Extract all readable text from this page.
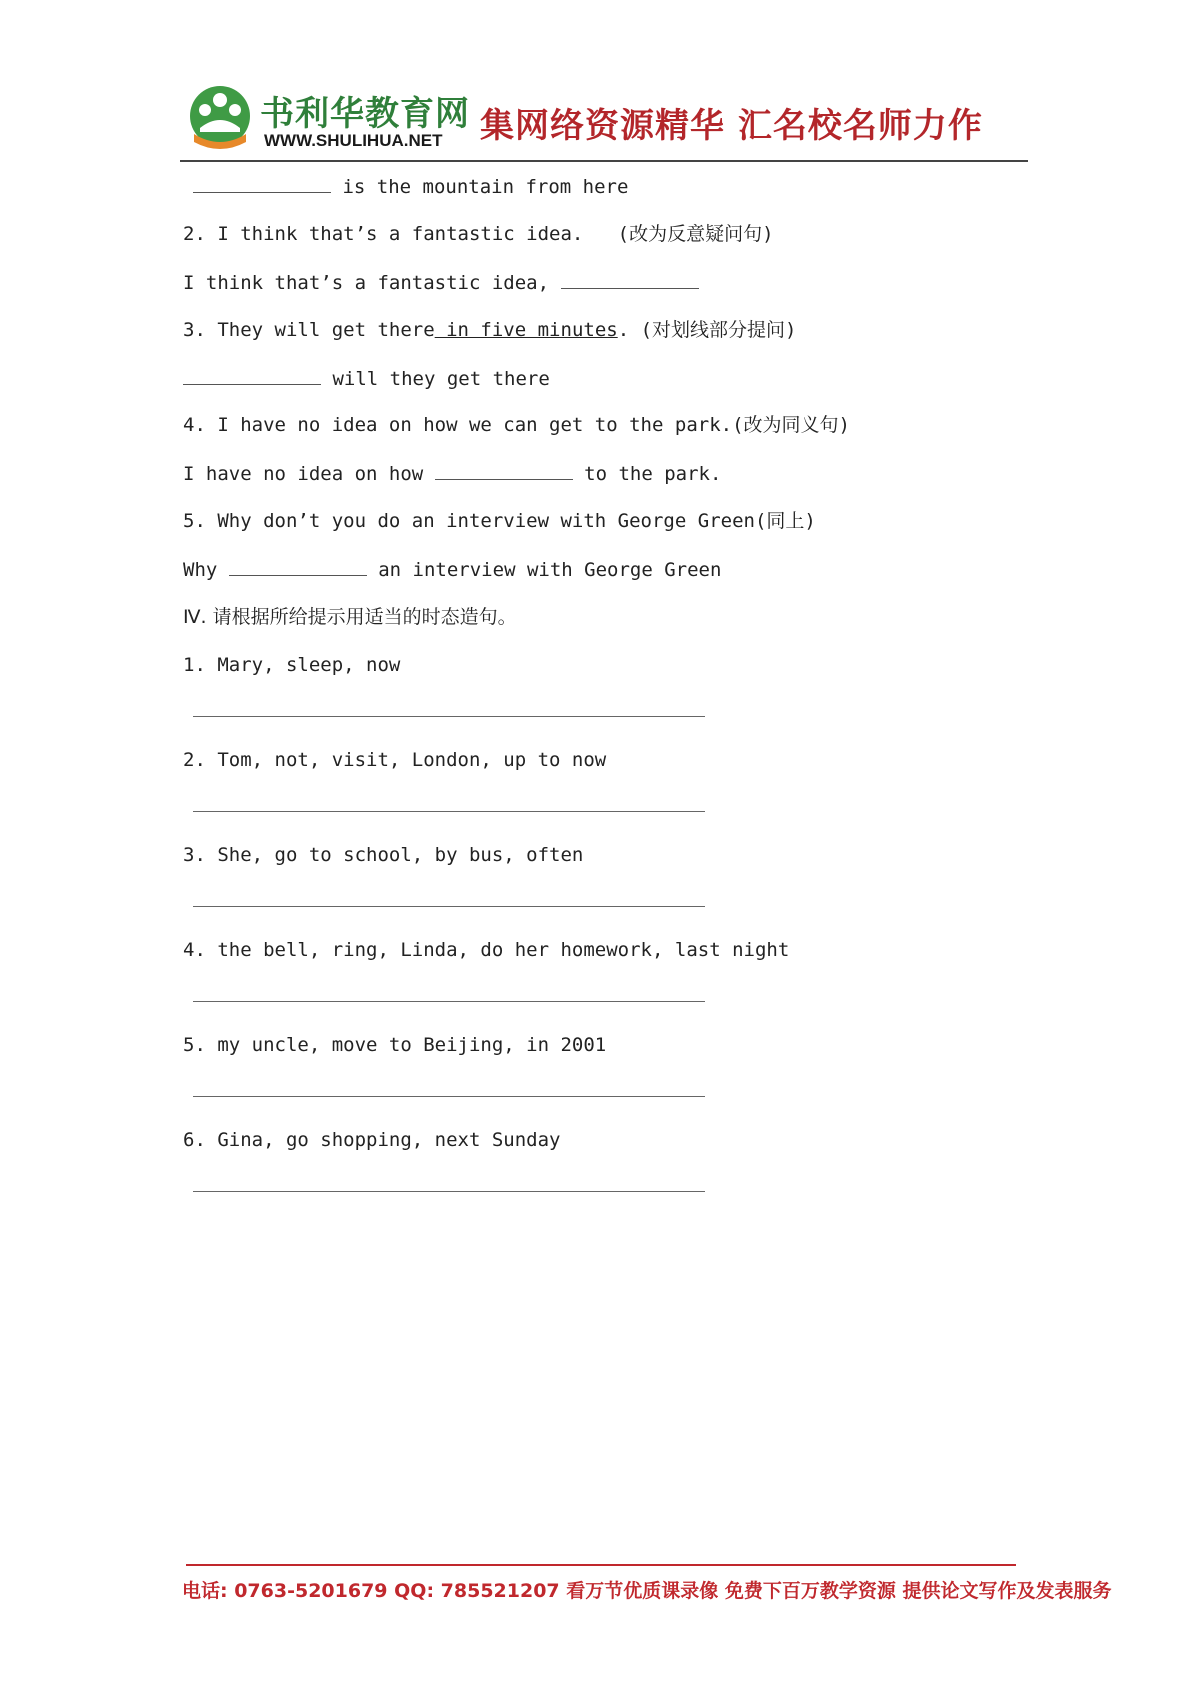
书利华教育网
WWW.SHULIHUA.NET 集网络资源精华 汇名校名师力作
is the mountain from here
2. I think that’s a fantastic idea.   (改为反意疑问句)
I think that’s a fantastic idea,
3. They will get there in five minutes. (对划线部分提问)
will they get there
4. I have no idea on how we can get to the park.(改为同义句)
I have no idea on how	to the park.
5. Why don’t you do an interview with George Green(同上)
Why	an interview with George Green
Ⅳ. 请根据所给提示用适当的时态造句。
1. Mary, sleep, now
2. Tom, not, visit, London, up to now
3. She, go to school, by bus, often
4. the bell, ring, Linda, do her homework, last night
5. my uncle, move to Beijing, in 2001
6. Gina, go shopping, next Sunday
电话: 0763-5201679 QQ: 785521207 看万节优质课录像 免费下百万教学资源 提供论文写作及发表服务
